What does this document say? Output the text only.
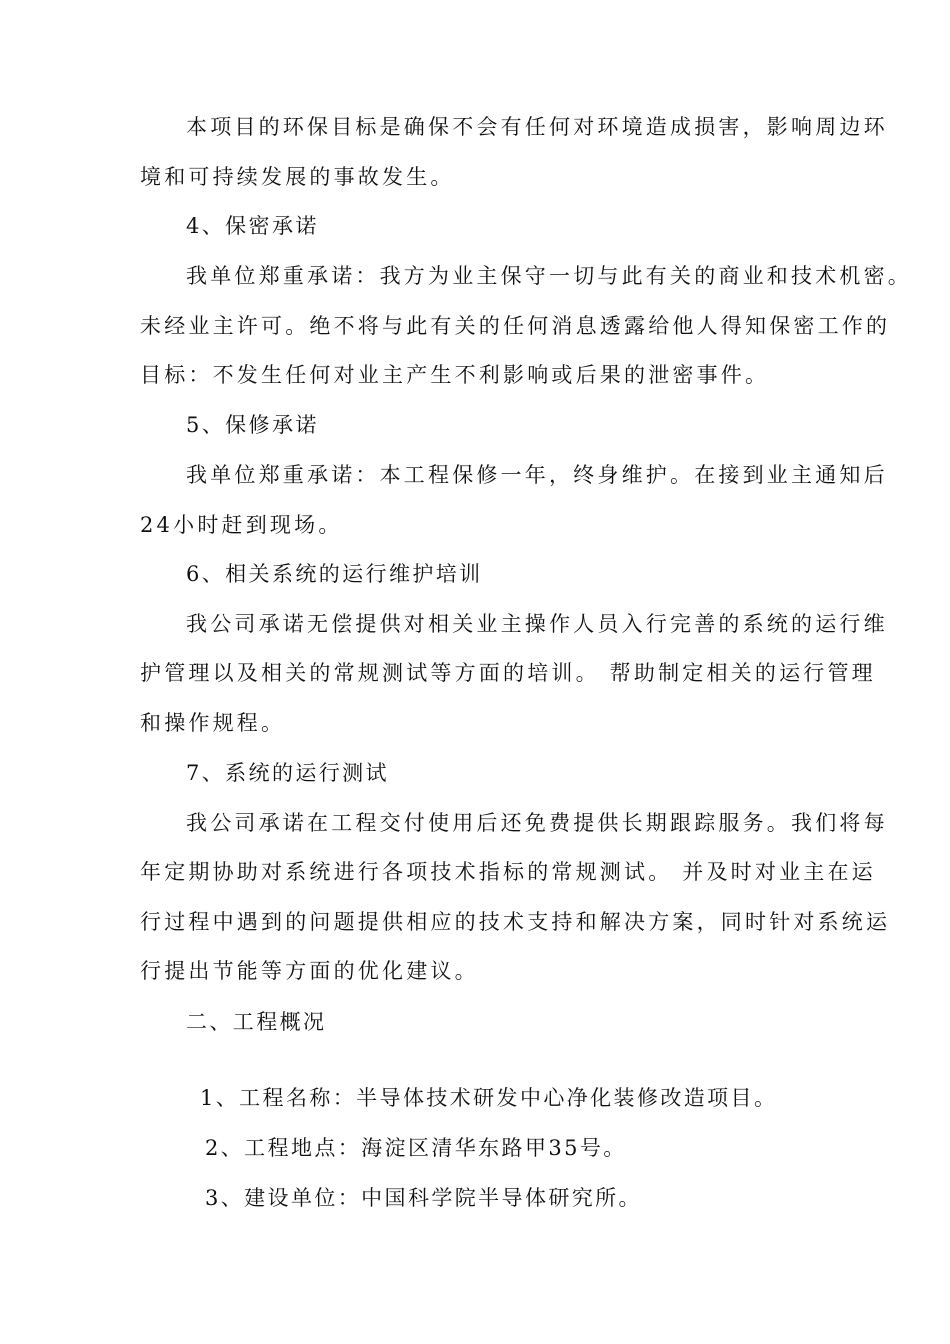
本项目的环保目标是确保不会有任何对环境造成损害，影响周边环
境和可持续发展的事故发生。
4、保密承诺
我单位郑重承诺：我方为业主保守一切与此有关的商业和技术机密。
未经业主许可。绝不将与此有关的任何消息透露给他人得知保密工作的
目标：不发生任何对业主产生不利影响或后果的泄密事件。
5、保修承诺
我单位郑重承诺：本工程保修一年，终身维护。在接到业主通知后
24小时赶到现场。
6、相关系统的运行维护培训
我公司承诺无偿提供对相关业主操作人员入行完善的系统的运行维
护管理以及相关的常规测试等方面的培训。 帮助制定相关的运行管理
和操作规程。
7、系统的运行测试
我公司承诺在工程交付使用后还免费提供长期跟踪服务。我们将每
年定期协助对系统进行各项技术指标的常规测试。 并及时对业主在运
行过程中遇到的问题提供相应的技术支持和解决方案，同时针对系统运
行提出节能等方面的优化建议。
二、工程概况
1、工程名称：半导体技术研发中心净化装修改造项目。
2、工程地点：海淀区清华东路甲35号。
3、建设单位：中国科学院半导体研究所。
